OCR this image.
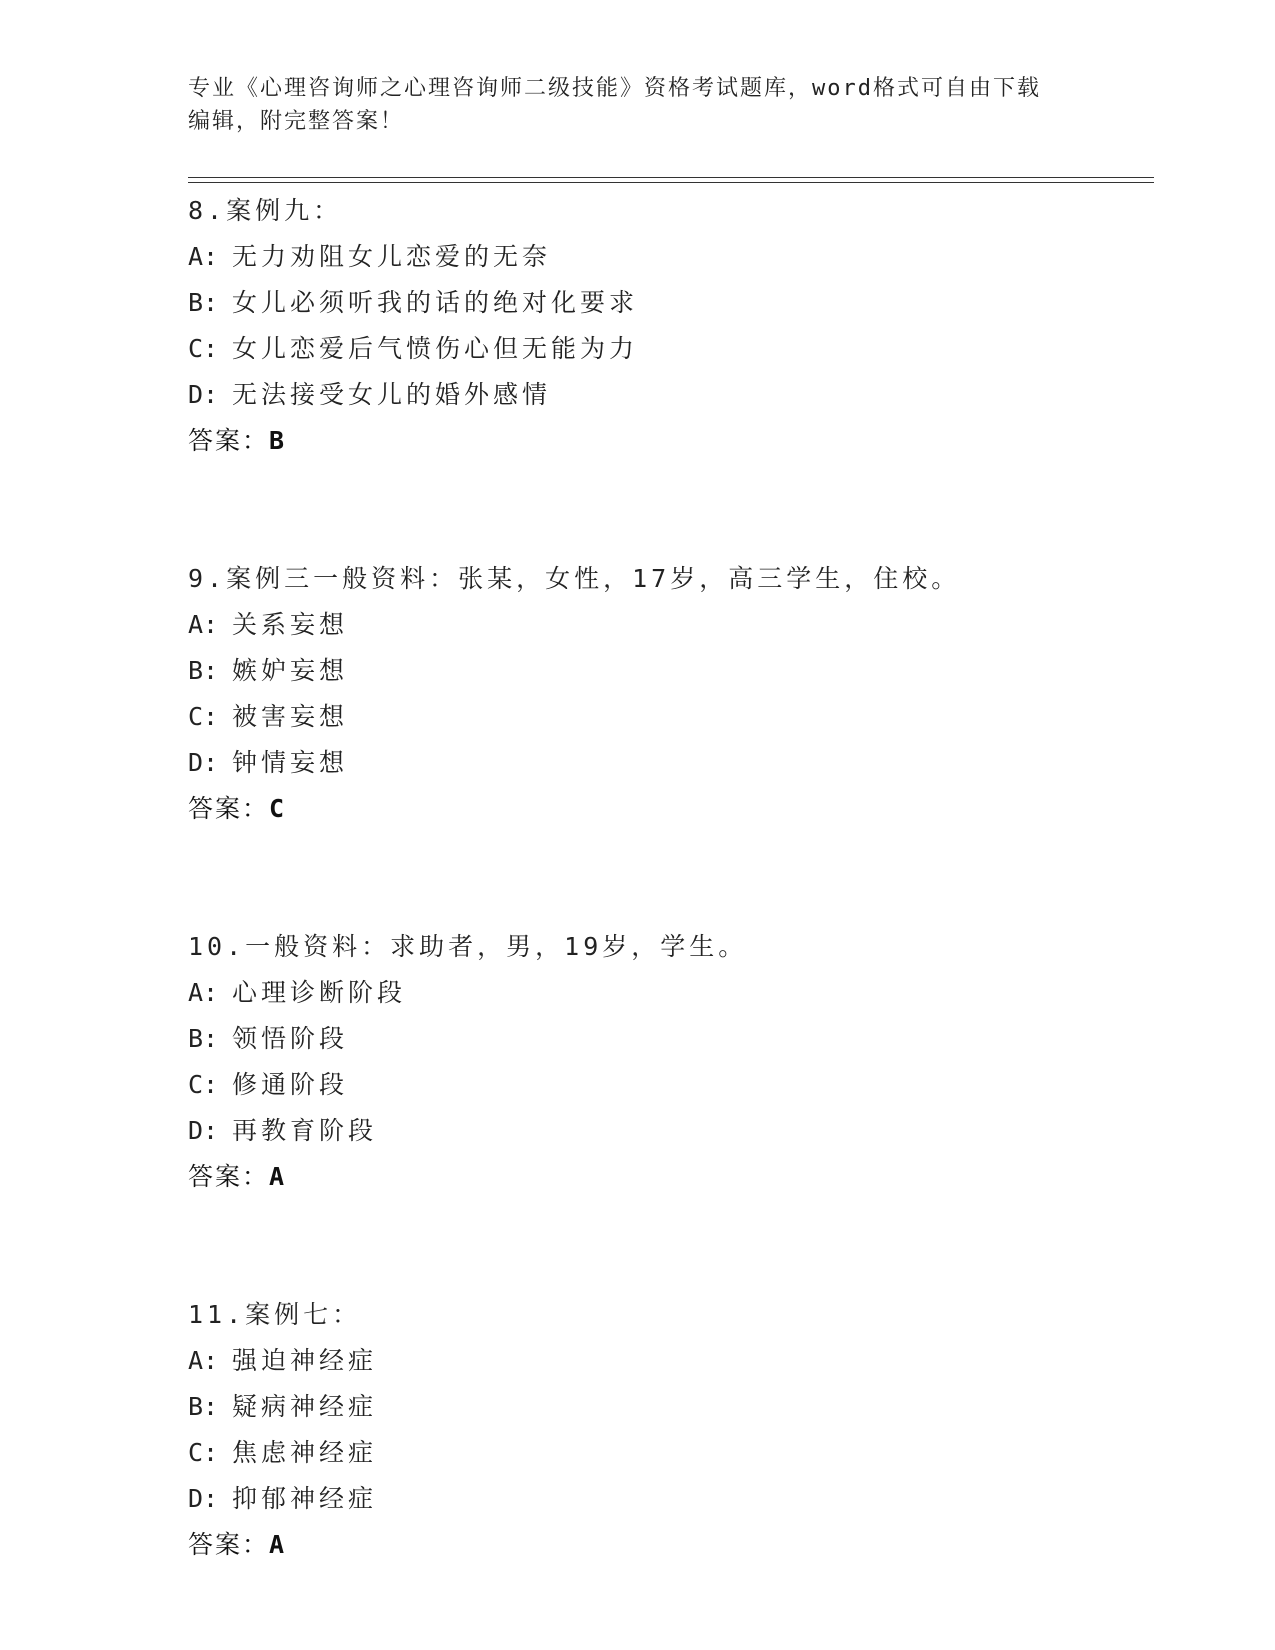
专业《心理咨询师之心理咨询师二级技能》资格考试题库，word格式可自由下载
编辑，附完整答案！
8.案例九：
A: 无力劝阻女儿恋爱的无奈
B: 女儿必须听我的话的绝对化要求
C: 女儿恋爱后气愤伤心但无能为力
D: 无法接受女儿的婚外感情
答案：B
9.案例三一般资料：张某，女性，17岁，高三学生，住校。
A: 关系妄想
B: 嫉妒妄想
C: 被害妄想
D: 钟情妄想
答案：C
10.一般资料：求助者，男，19岁，学生。
A: 心理诊断阶段
B: 领悟阶段
C: 修通阶段
D: 再教育阶段
答案：A
11.案例七：
A: 强迫神经症
B: 疑病神经症
C: 焦虑神经症
D: 抑郁神经症
答案：A
